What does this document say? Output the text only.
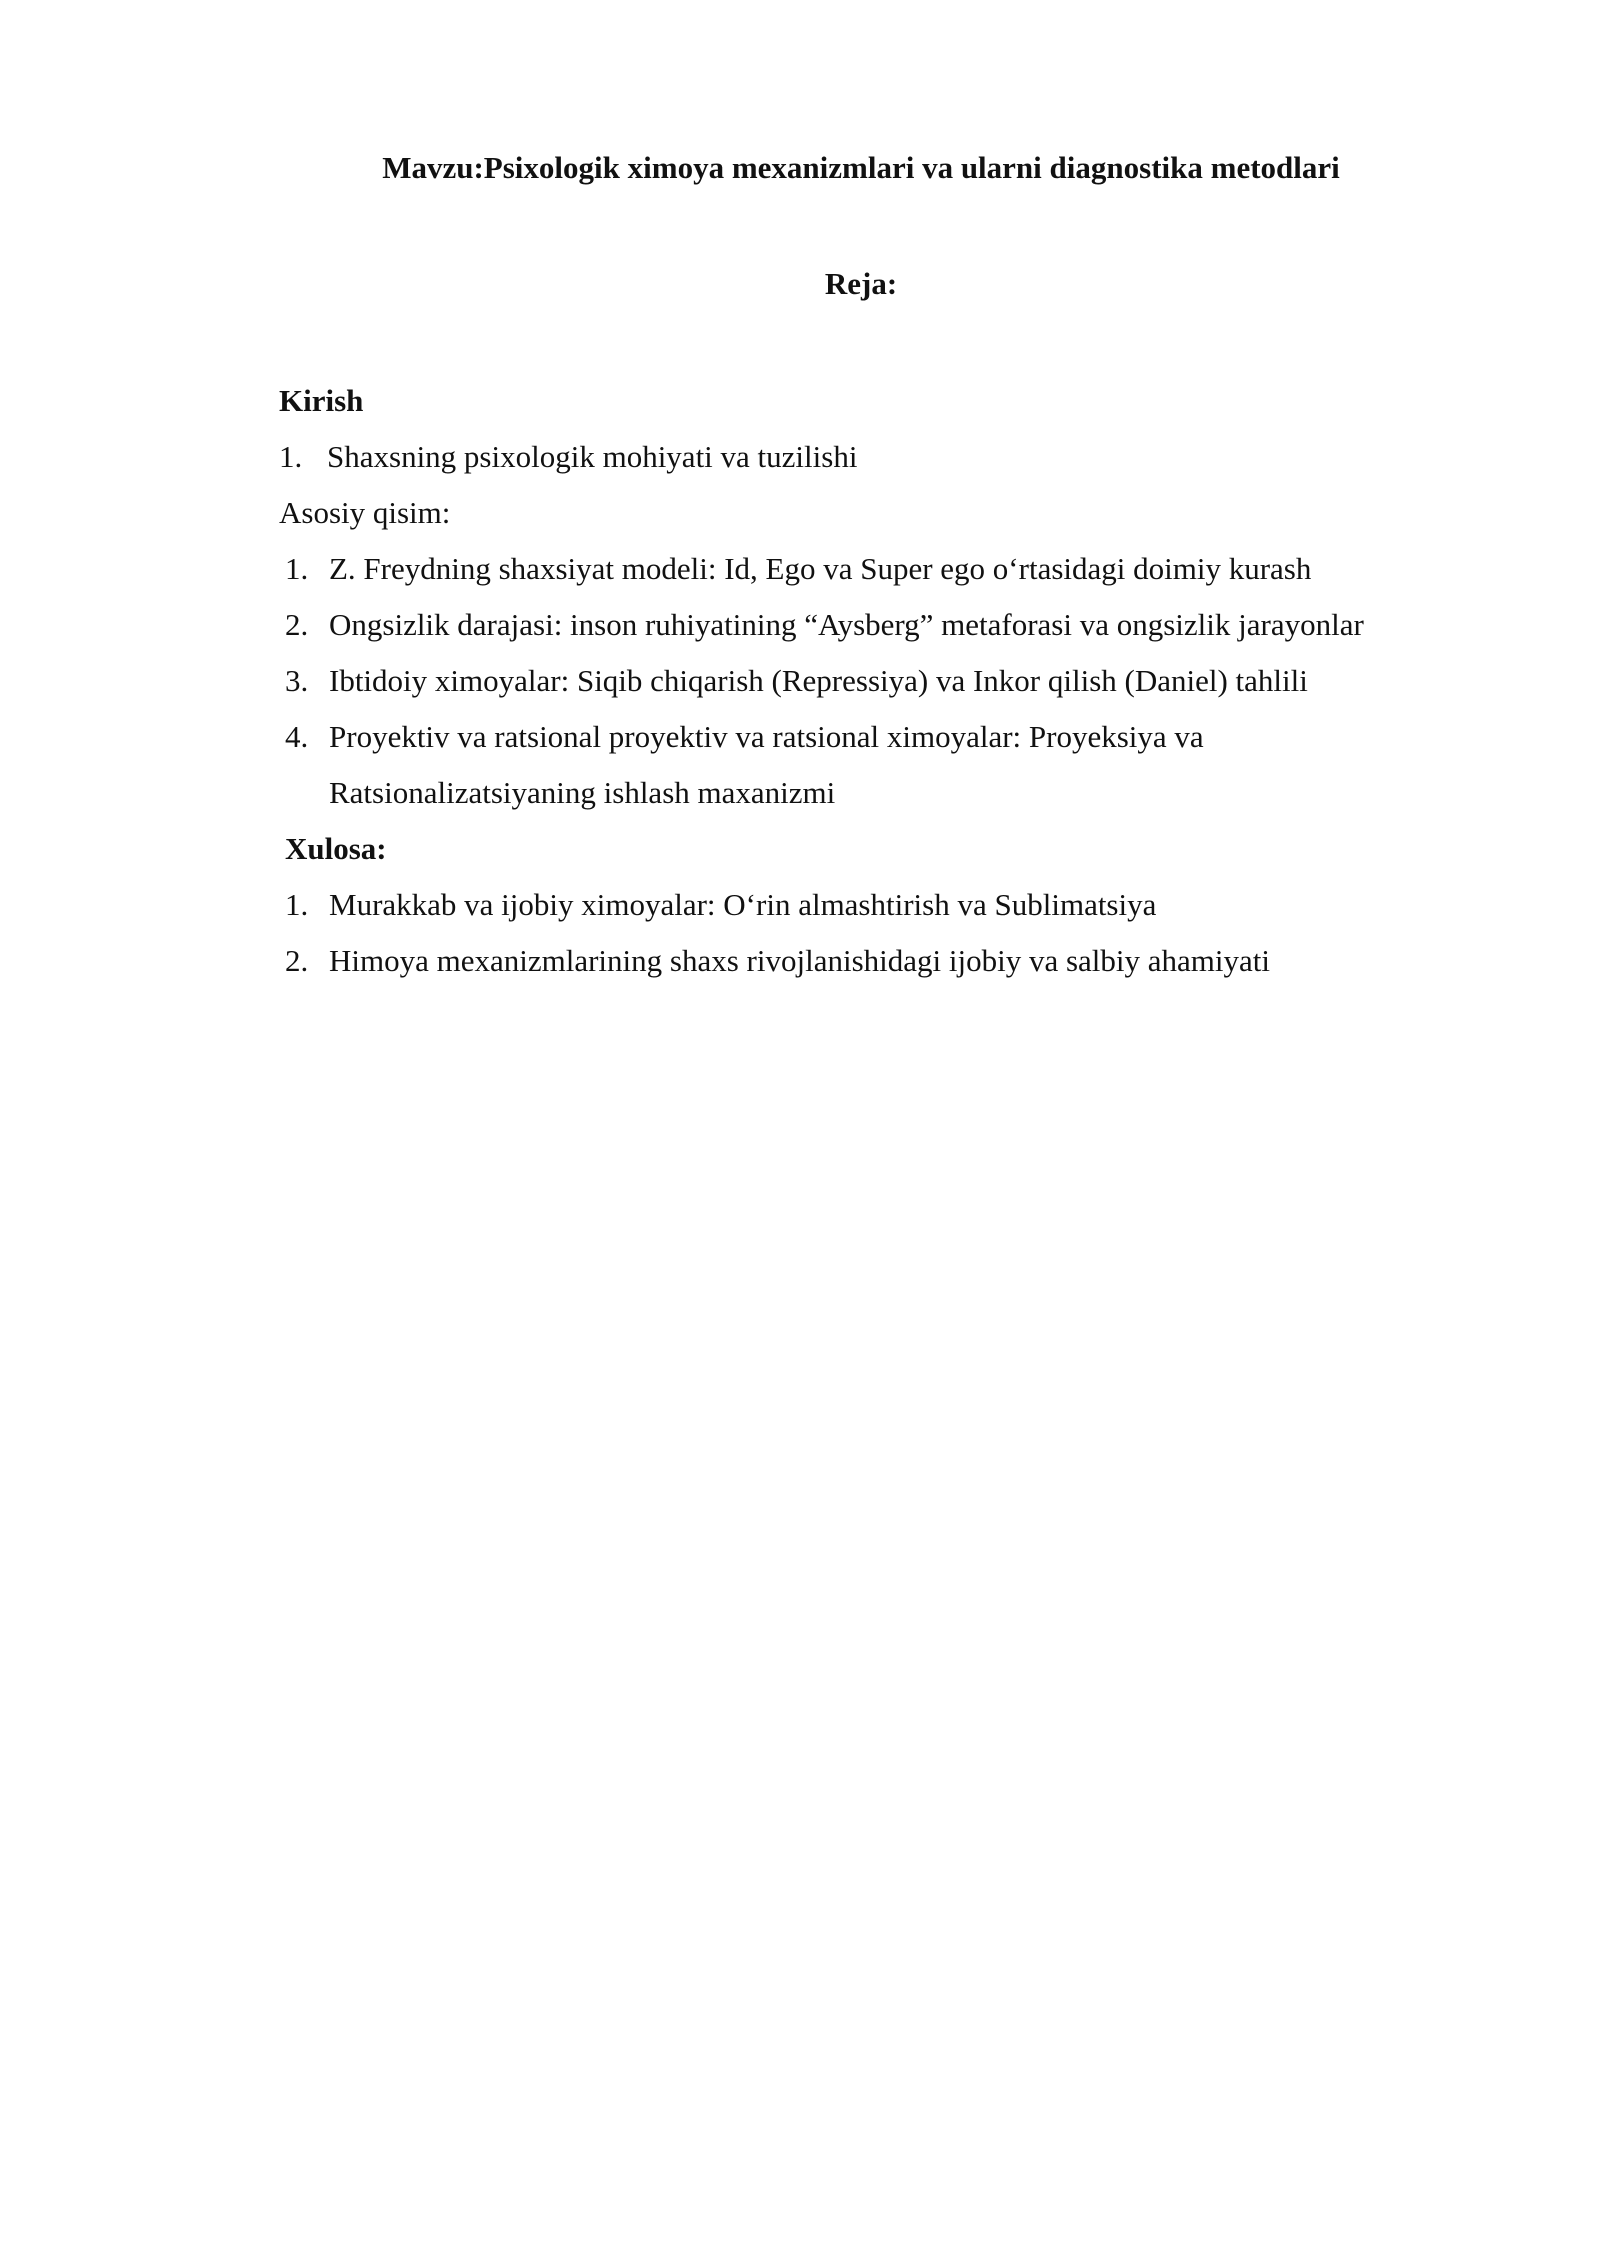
Mavzu:Psixologik ximoya mexanizmlari va ularni diagnostika metodlari
Reja:
Kirish
1. Shaxsning psixologik mohiyati va tuzilishi
Asosiy qisim:
1. Z. Freydning shaxsiyat modeli: Id, Ego va Super ego o‘rtasidagi doimiy kurash
2. Ongsizlik darajasi: inson ruhiyatining “Aysberg” metaforasi va ongsizlik jarayonlar
3. Ibtidoiy ximoyalar: Siqib chiqarish (Repressiya) va Inkor qilish (Daniel) tahlili
4. Proyektiv va ratsional proyektiv va ratsional ximoyalar: Proyeksiya va
Ratsionalizatsiyaning ishlash maxanizmi
Xulosa:
1. Murakkab va ijobiy ximoyalar: O‘rin almashtirish va Sublimatsiya
2. Himoya mexanizmlarining shaxs rivojlanishidagi ijobiy va salbiy ahamiyati
